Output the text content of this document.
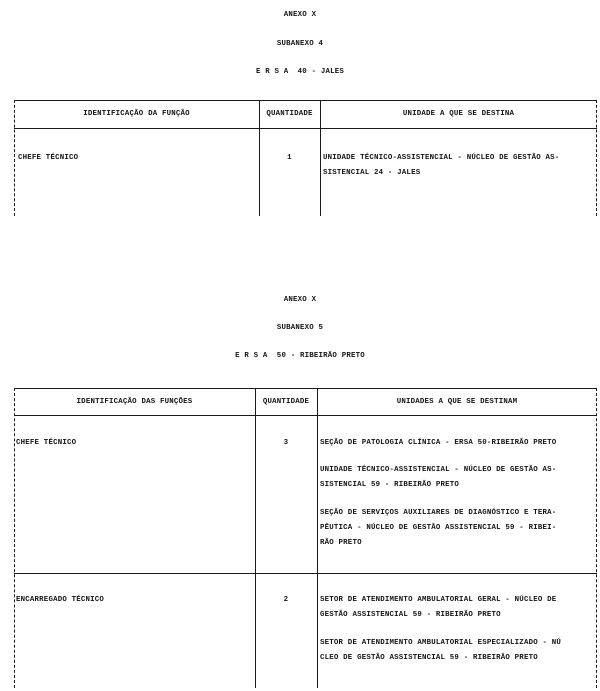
ANEXO X
SUBANEXO 4
E R S A  40 - JALES
IDENTIFICAÇÃO DA FUNÇÃO	QUANTIDADE	UNIDADE A QUE SE DESTINA
CHEFE TÉCNICO	1	UNIDADE TÉCNICO-ASSISTENCIAL - NÚCLEO DE GESTÃO AS-
SISTENCIAL 24 - JALES
ANEXO X
SUBANEXO 5
E R S A  50 - RIBEIRÃO PRETO
IDENTIFICAÇÃO DAS FUNÇÕES	QUANTIDADE	UNIDADES A QUE SE DESTINAM
CHEFE TÉCNICO	3	SEÇÃO DE PATOLOGIA CLÍNICA - ERSA 50-RIBEIRÃO PRETO
UNIDADE TÉCNICO-ASSISTENCIAL - NÚCLEO DE GESTÃO AS-
SISTENCIAL 59 - RIBEIRÃO PRETO
SEÇÃO DE SERVIÇOS AUXILIARES DE DIAGNÓSTICO E TERA-
PÊUTICA - NÚCLEO DE GESTÃO ASSISTENCIAL 59 - RIBEI-
RÃO PRETO
ENCARREGADO TÉCNICO	2	SETOR DE ATENDIMENTO AMBULATORIAL GERAL - NÚCLEO DE
GESTÃO ASSISTENCIAL 59 - RIBEIRÃO PRETO
SETOR DE ATENDIMENTO AMBULATORIAL ESPECIALIZADO - NÚ
CLEO DE GESTÃO ASSISTENCIAL 59 - RIBEIRÃO PRETO
